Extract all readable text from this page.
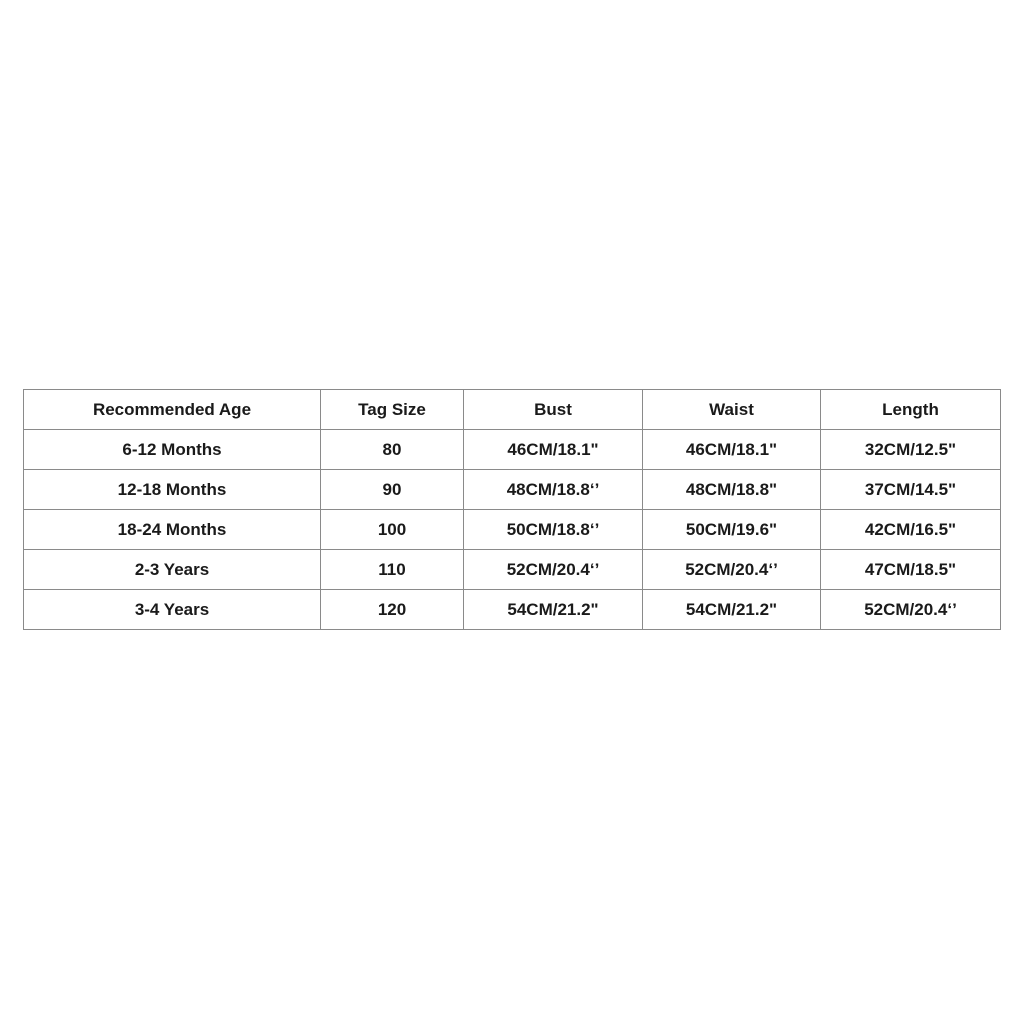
Recommended Age	Tag Size	Bust	Waist	Length
6-12 Months	80	46CM/18.1"	46CM/18.1"	32CM/12.5"
12-18 Months	90	48CM/18.8‘’	48CM/18.8"	37CM/14.5"
18-24 Months	100	50CM/18.8‘’	50CM/19.6"	42CM/16.5"
2-3 Years	110	52CM/20.4‘’	52CM/20.4‘’	47CM/18.5"
3-4 Years	120	54CM/21.2"	54CM/21.2"	52CM/20.4‘’
